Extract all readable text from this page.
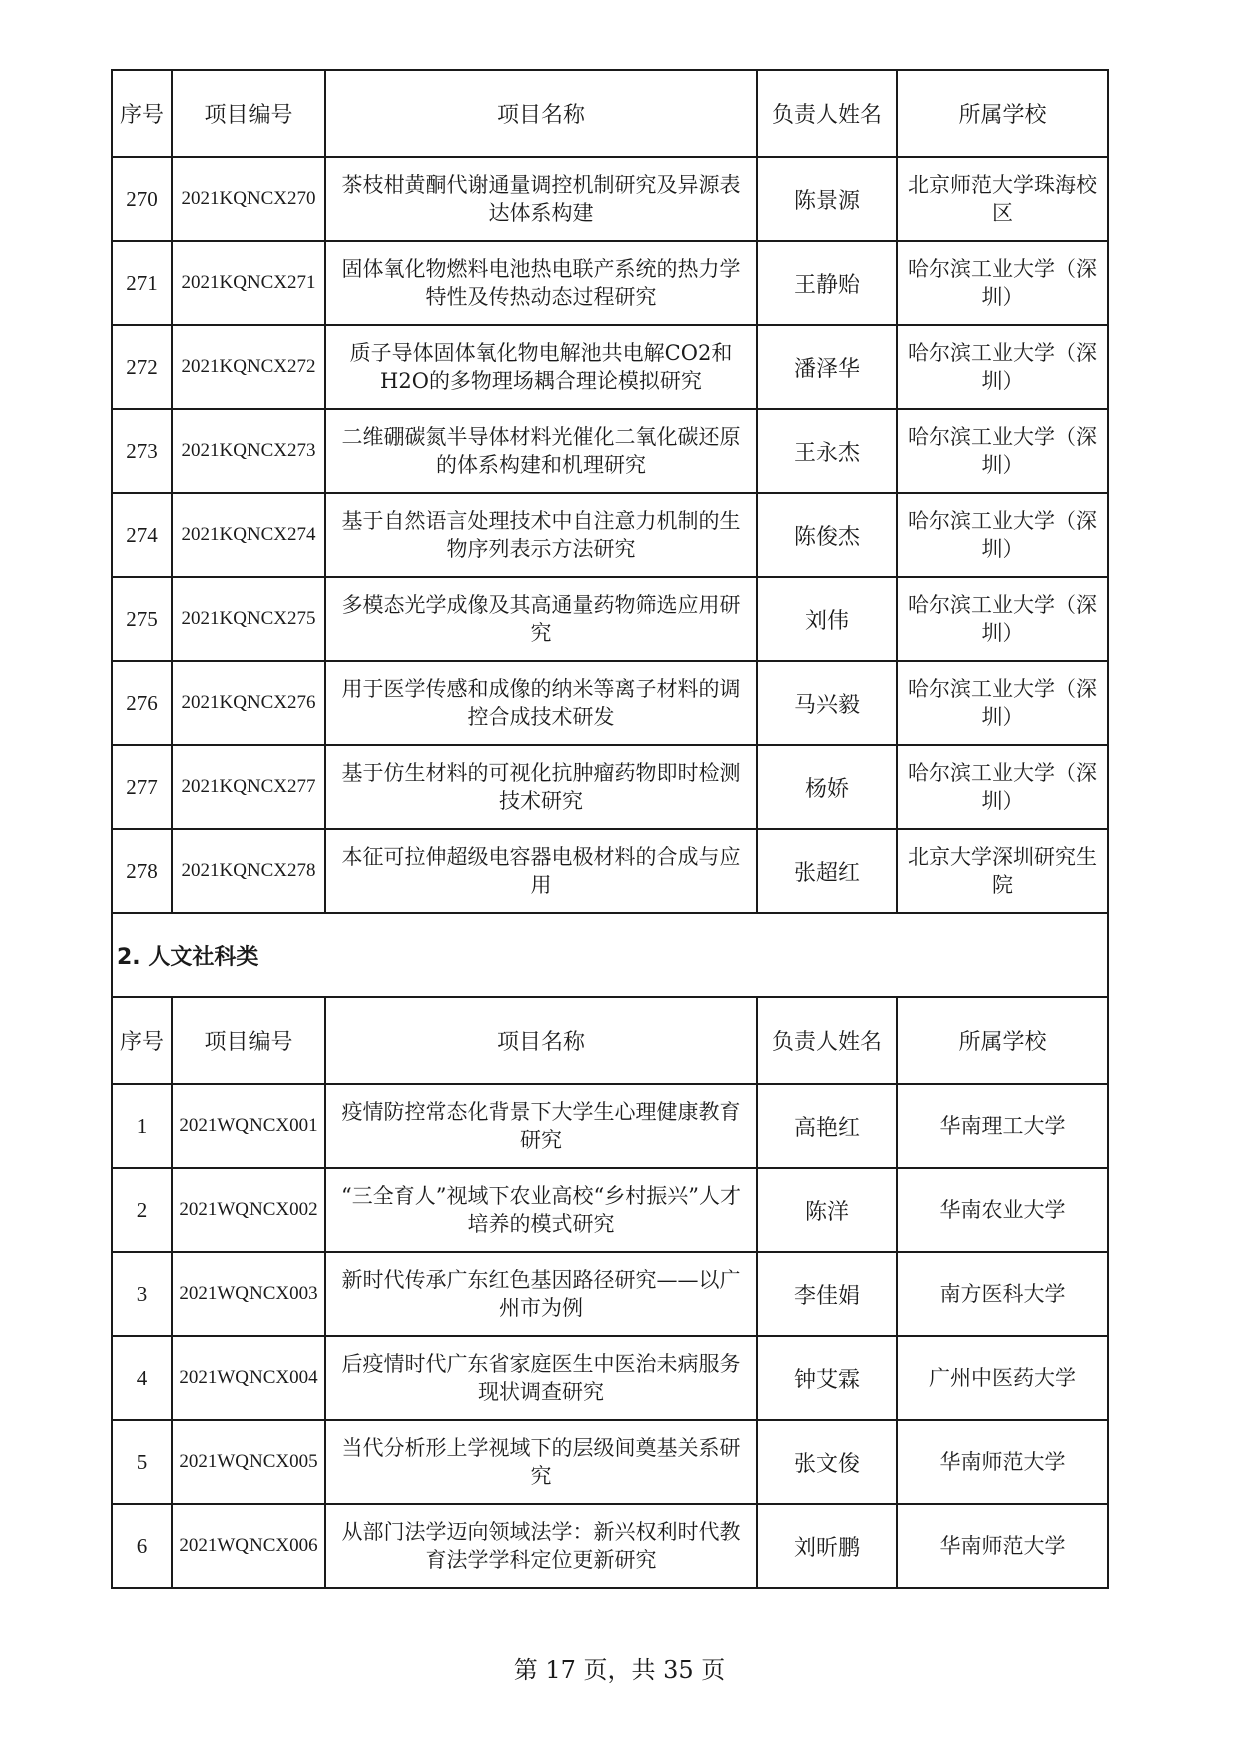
序号	项目编号	项目名称	负责人姓名	所属学校
270	2021KQNCX270	茶枝柑黄酮代谢通量调控机制研究及异源表达体系构建	陈景源	北京师范大学珠海校区
271	2021KQNCX271	固体氧化物燃料电池热电联产系统的热力学特性及传热动态过程研究	王静贻	哈尔滨工业大学（深圳）
272	2021KQNCX272	质子导体固体氧化物电解池共电解CO2和H2O的多物理场耦合理论模拟研究	潘泽华	哈尔滨工业大学（深圳）
273	2021KQNCX273	二维硼碳氮半导体材料光催化二氧化碳还原的体系构建和机理研究	王永杰	哈尔滨工业大学（深圳）
274	2021KQNCX274	基于自然语言处理技术中自注意力机制的生物序列表示方法研究	陈俊杰	哈尔滨工业大学（深圳）
275	2021KQNCX275	多模态光学成像及其高通量药物筛选应用研究	刘伟	哈尔滨工业大学（深圳）
276	2021KQNCX276	用于医学传感和成像的纳米等离子材料的调控合成技术研发	马兴毅	哈尔滨工业大学（深圳）
277	2021KQNCX277	基于仿生材料的可视化抗肿瘤药物即时检测技术研究	杨娇	哈尔滨工业大学（深圳）
278	2021KQNCX278	本征可拉伸超级电容器电极材料的合成与应用	张超红	北京大学深圳研究生院
2. 人文社科类				
序号	项目编号	项目名称	负责人姓名	所属学校
1	2021WQNCX001	疫情防控常态化背景下大学生心理健康教育研究	高艳红	华南理工大学
2	2021WQNCX002	“三全育人”视域下农业高校“乡村振兴”人才培养的模式研究	陈洋	华南农业大学
3	2021WQNCX003	新时代传承广东红色基因路径研究——以广州市为例	李佳娟	南方医科大学
4	2021WQNCX004	后疫情时代广东省家庭医生中医治未病服务现状调查研究	钟艾霖	广州中医药大学
5	2021WQNCX005	当代分析形上学视域下的层级间奠基关系研究	张文俊	华南师范大学
6	2021WQNCX006	从部门法学迈向领域法学：新兴权利时代教育法学学科定位更新研究	刘昕鹏	华南师范大学
第 17 页，共 35 页
